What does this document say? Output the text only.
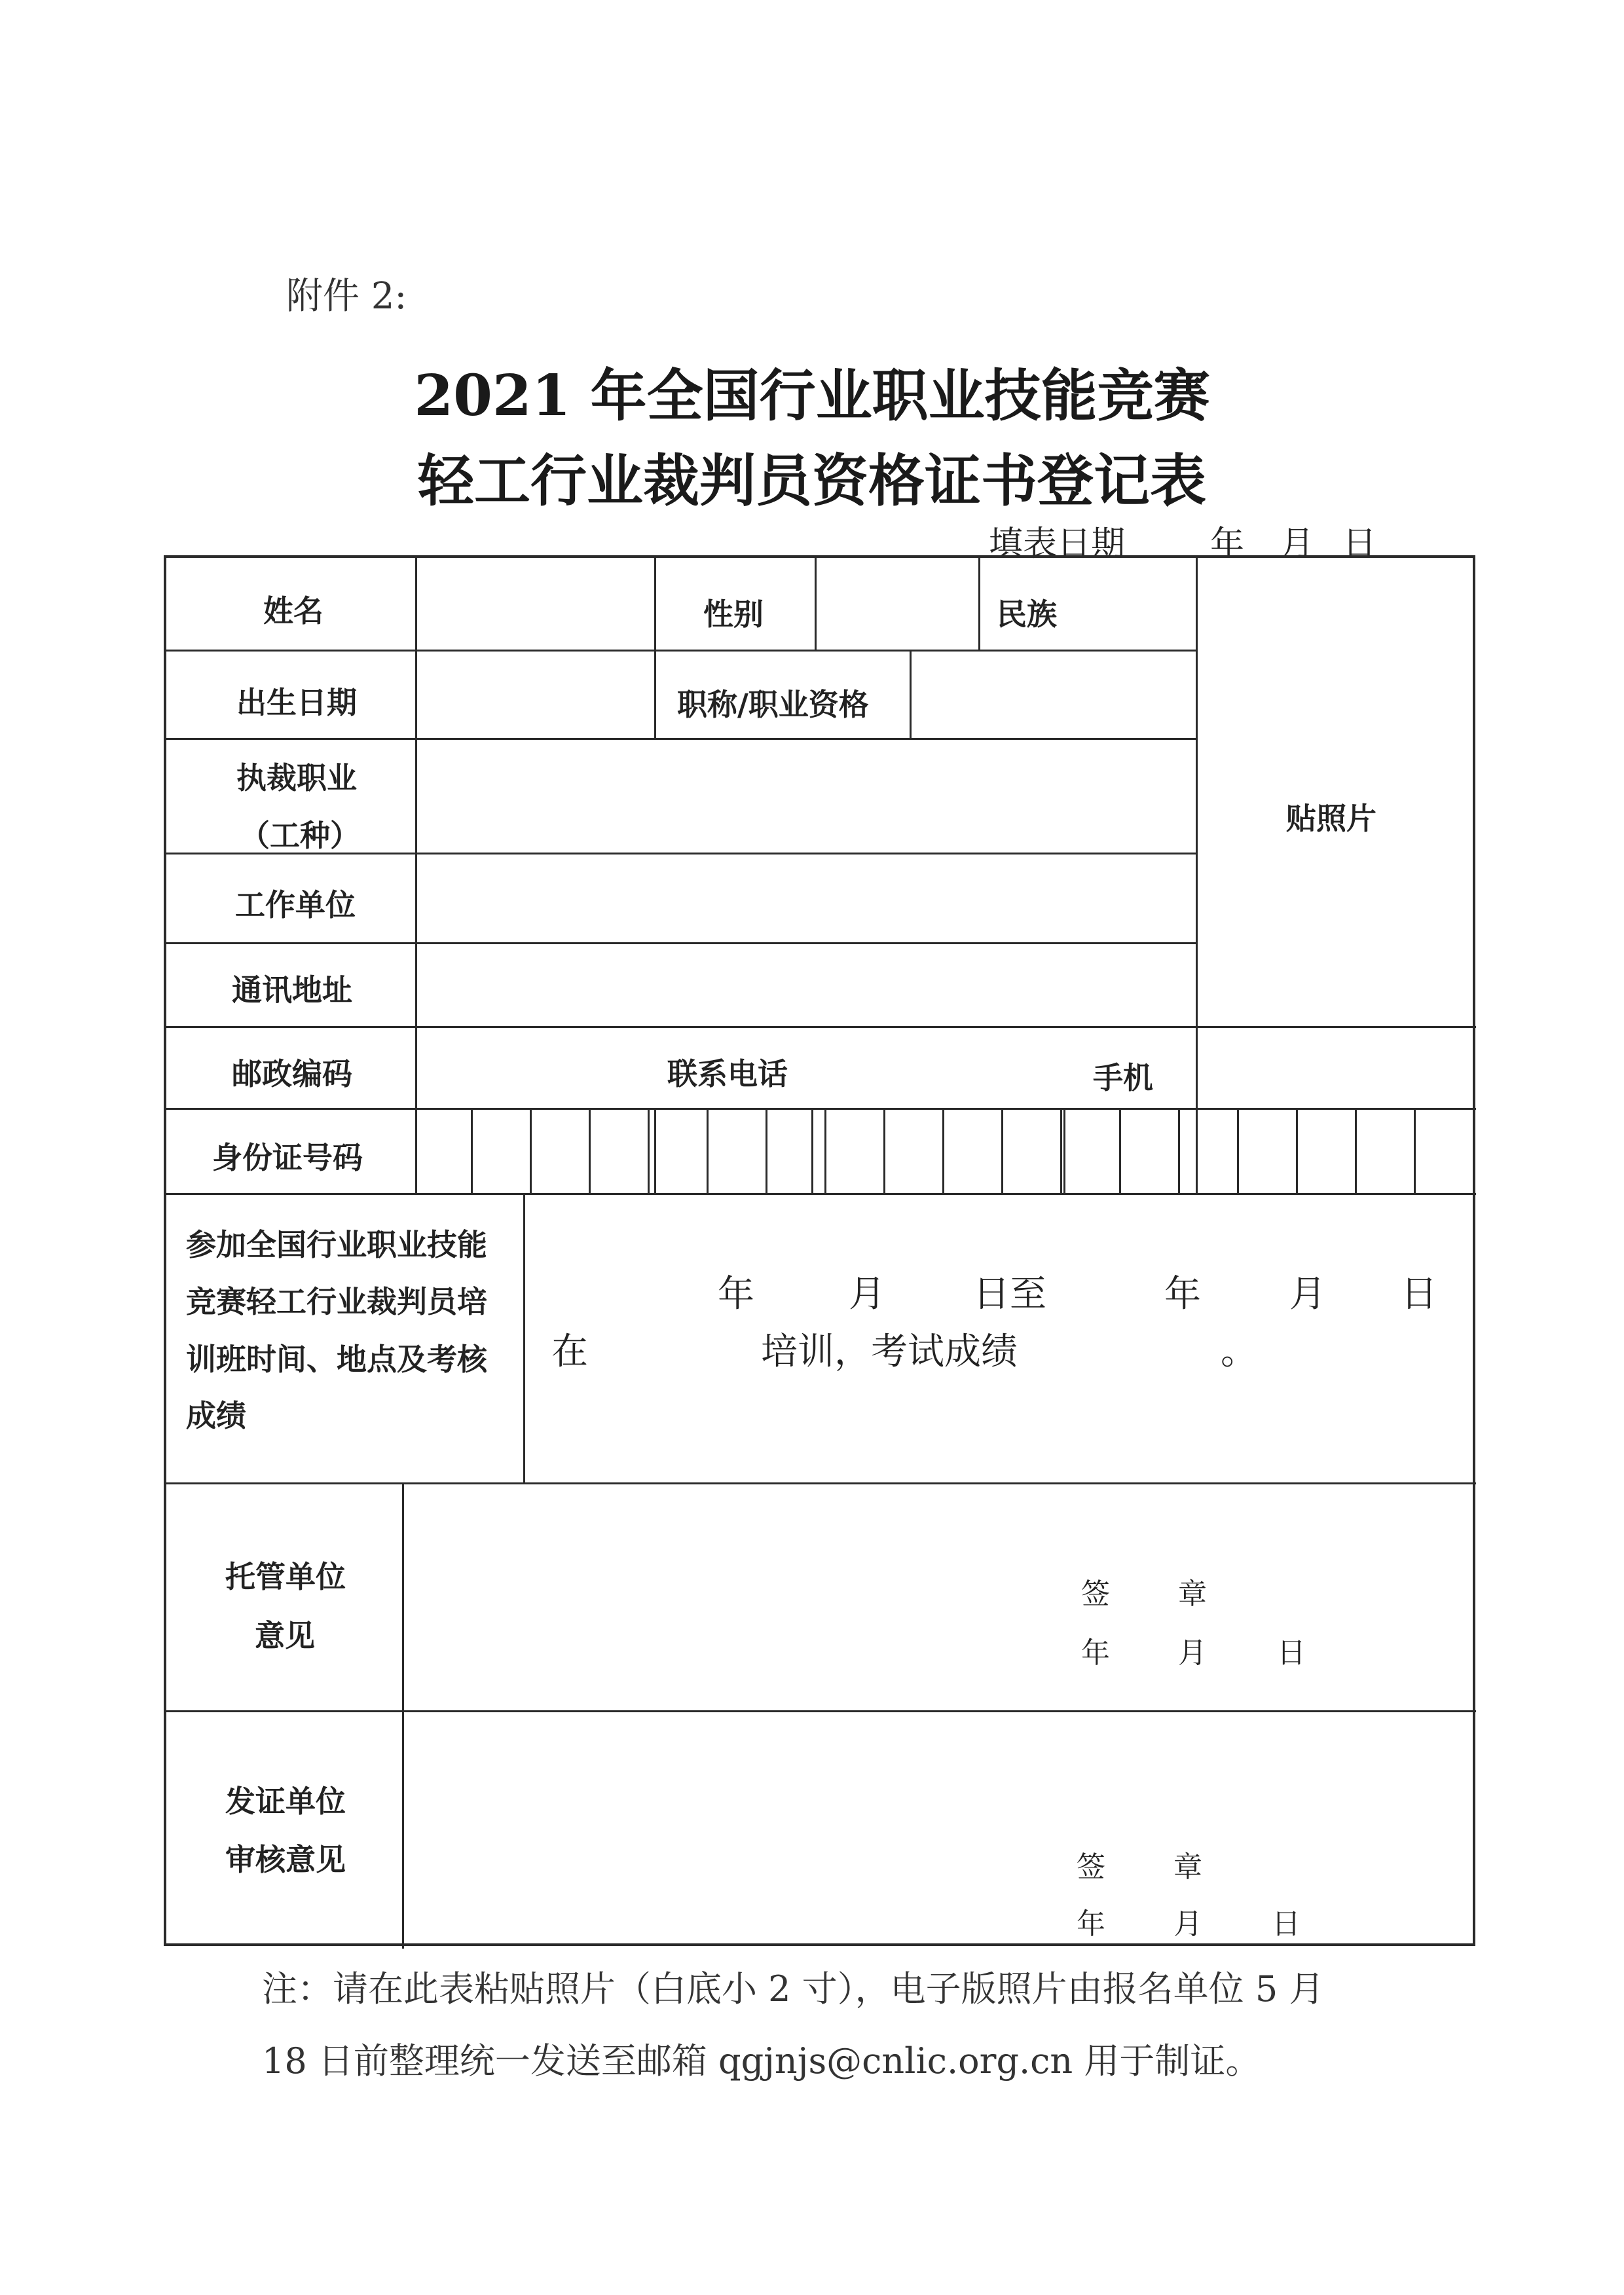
附件 2:
2021 年全国行业职业技能竞赛
轻工行业裁判员资格证书登记表
填表日期 年 月 日
姓名	性别	民族
出生日期	职称/职业资格
贴照片
执裁职业
（工种）
工作单位
通讯地址
邮政编码	联系电话	手机
身份证号码
参加全国行业职业技能
竞赛轻工行业裁判员培
训班时间、地点及考核
成绩
年	月 日至	年 月 日
在	培训，考试成绩	。
托管单位
意见
签 章
年 月 日
发证单位
审核意见	签 章
年 月 日
注：请在此表粘贴照片（白底小 2 寸），电子版照片由报名单位 5 月
18 日前整理统一发送至邮箱 qgjnjs@cnlic.org.cn 用于制证。
